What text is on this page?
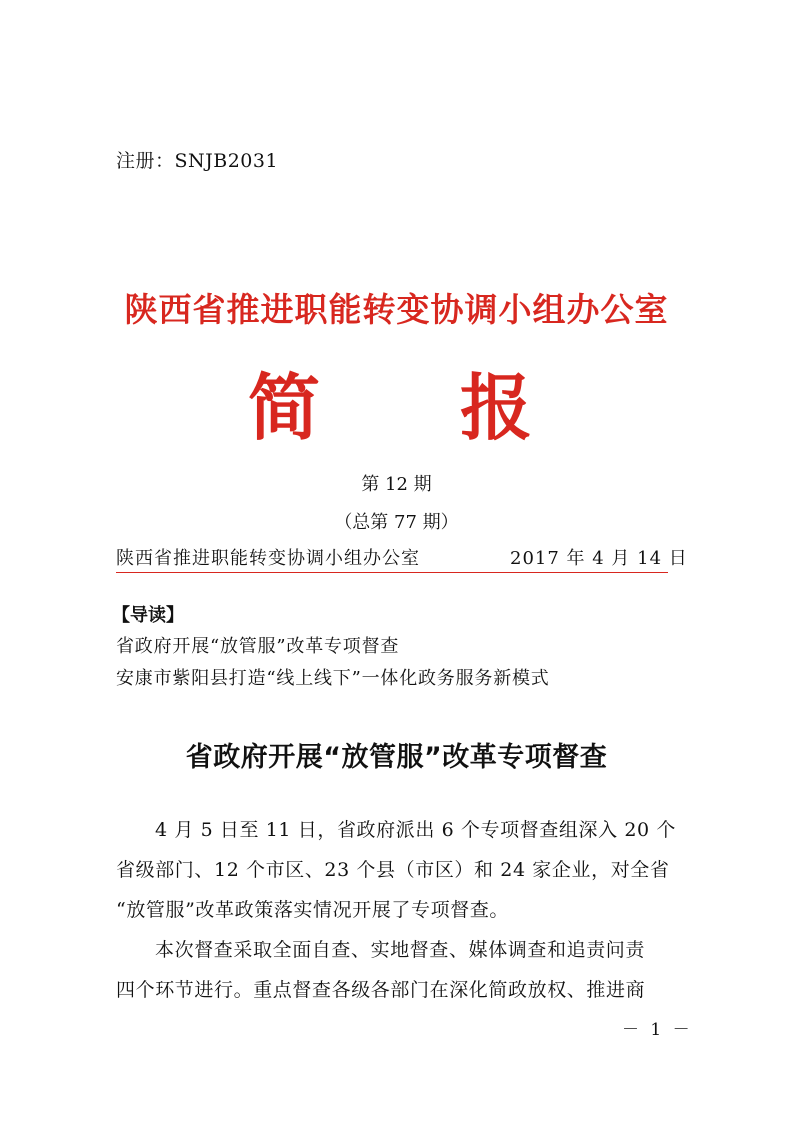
注册：SNJB2031
陕西省推进职能转变协调小组办公室
简 报
第 12 期
（总第 77 期）
陕西省推进职能转变协调小组办公室	2017 年 4 月 14 日
【导读】
省政府开展“放管服”改革专项督查
安康市紫阳县打造“线上线下”一体化政务服务新模式
省政府开展“放管服”改革专项督查
4 月 5 日至 11 日，省政府派出 6 个专项督查组深入 20 个
省级部门、12 个市区、23 个县（市区）和 24 家企业，对全省
“放管服”改革政策落实情况开展了专项督查。
本次督查采取全面自查、实地督查、媒体调查和追责问责
四个环节进行。重点督查各级各部门在深化简政放权、推进商
－ 1 －
